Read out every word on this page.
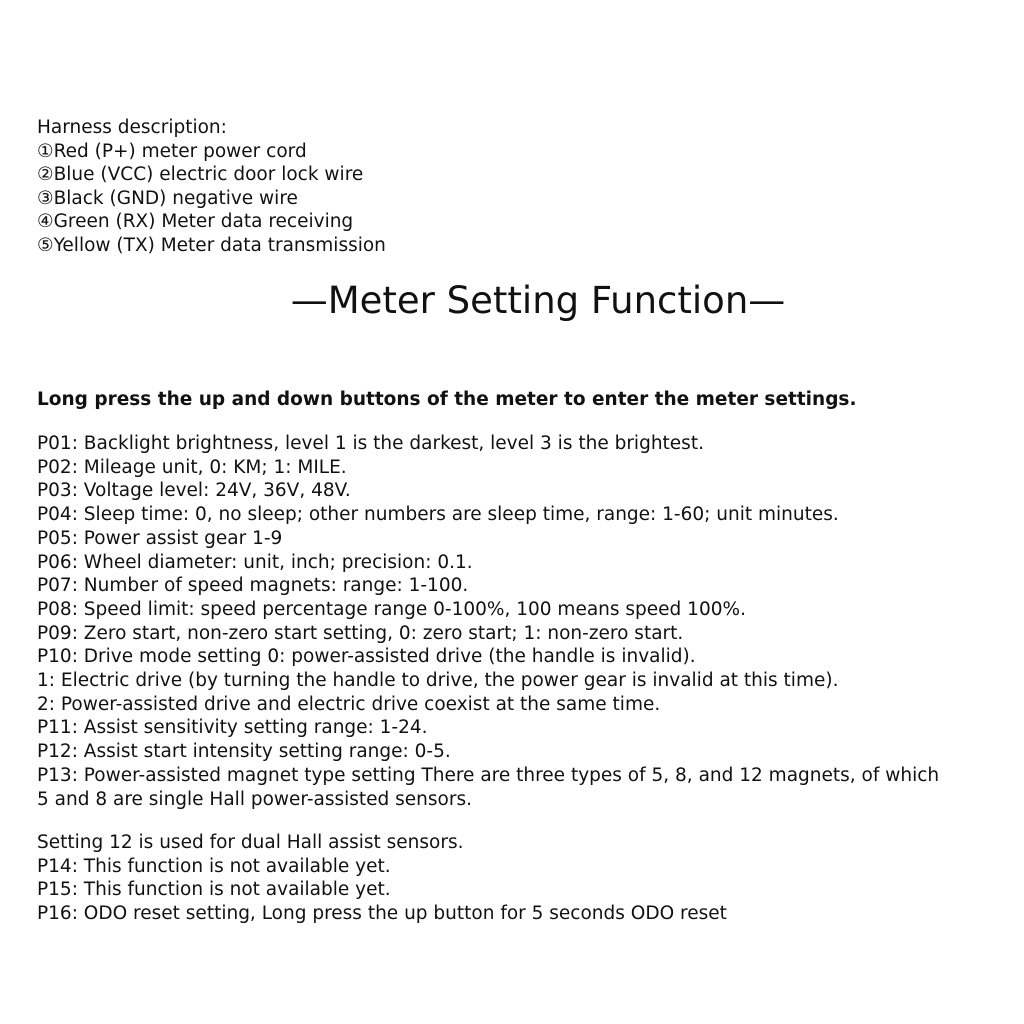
Harness description:
①Red (P+) meter power cord
②Blue (VCC) electric door lock wire
③Black (GND) negative wire
④Green (RX) Meter data receiving
⑤Yellow (TX) Meter data transmission
—Meter Setting Function—
Long press the up and down buttons of the meter to enter the meter settings.
P01: Backlight brightness, level 1 is the darkest, level 3 is the brightest.
P02: Mileage unit, 0: KM; 1: MILE.
P03: Voltage level: 24V, 36V, 48V.
P04: Sleep time: 0, no sleep; other numbers are sleep time, range: 1-60; unit minutes.
P05: Power assist gear 1-9
P06: Wheel diameter: unit, inch; precision: 0.1.
P07: Number of speed magnets: range: 1-100.
P08: Speed limit: speed percentage range 0-100%, 100 means speed 100%.
P09: Zero start, non-zero start setting, 0: zero start; 1: non-zero start.
P10: Drive mode setting 0: power-assisted drive (the handle is invalid).
1: Electric drive (by turning the handle to drive, the power gear is invalid at this time).
2: Power-assisted drive and electric drive coexist at the same time.
P11: Assist sensitivity setting range: 1-24.
P12: Assist start intensity setting range: 0-5.
P13: Power-assisted magnet type setting There are three types of 5, 8, and 12 magnets, of which
5 and 8 are single Hall power-assisted sensors.
Setting 12 is used for dual Hall assist sensors.
P14: This function is not available yet.
P15: This function is not available yet.
P16: ODO reset setting, Long press the up button for 5 seconds ODO reset
